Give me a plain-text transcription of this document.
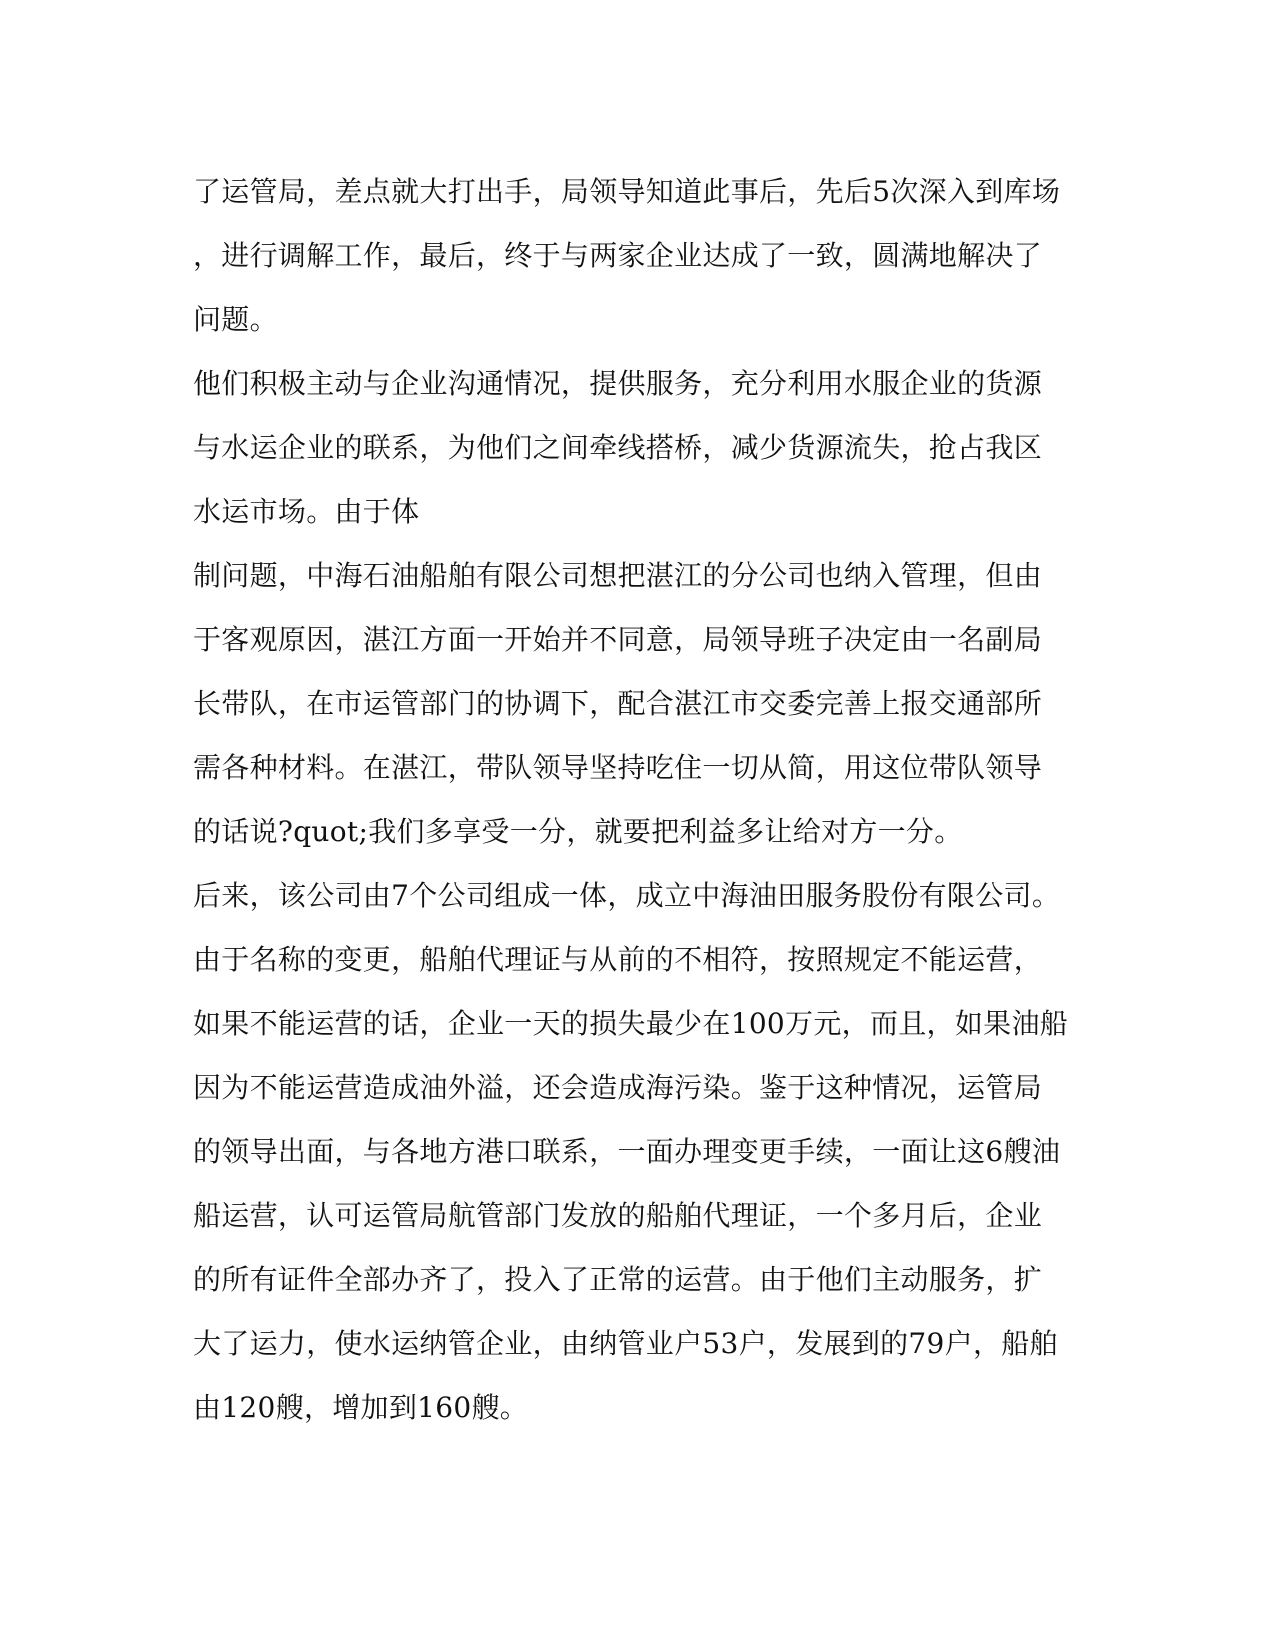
了运管局，差点就大打出手，局领导知道此事后，先后5次深入到库场
，进行调解工作，最后，终于与两家企业达成了一致，圆满地解决了
问题。
他们积极主动与企业沟通情况，提供服务，充分利用水服企业的货源
与水运企业的联系，为他们之间牵线搭桥，减少货源流失，抢占我区
水运市场。由于体
制问题，中海石油船舶有限公司想把湛江的分公司也纳入管理，但由
于客观原因，湛江方面一开始并不同意，局领导班子决定由一名副局
长带队，在市运管部门的协调下，配合湛江市交委完善上报交通部所
需各种材料。在湛江，带队领导坚持吃住一切从简，用这位带队领导
的话说?quot;我们多享受一分，就要把利益多让给对方一分。
后来，该公司由7个公司组成一体，成立中海油田服务股份有限公司。
由于名称的变更，船舶代理证与从前的不相符，按照规定不能运营，
如果不能运营的话，企业一天的损失最少在100万元，而且，如果油船
因为不能运营造成油外溢，还会造成海污染。鉴于这种情况，运管局
的领导出面，与各地方港口联系，一面办理变更手续，一面让这6艘油
船运营，认可运管局航管部门发放的船舶代理证，一个多月后，企业
的所有证件全部办齐了，投入了正常的运营。由于他们主动服务，扩
大了运力，使水运纳管企业，由纳管业户53户，发展到的79户，船舶
由120艘，增加到160艘。
